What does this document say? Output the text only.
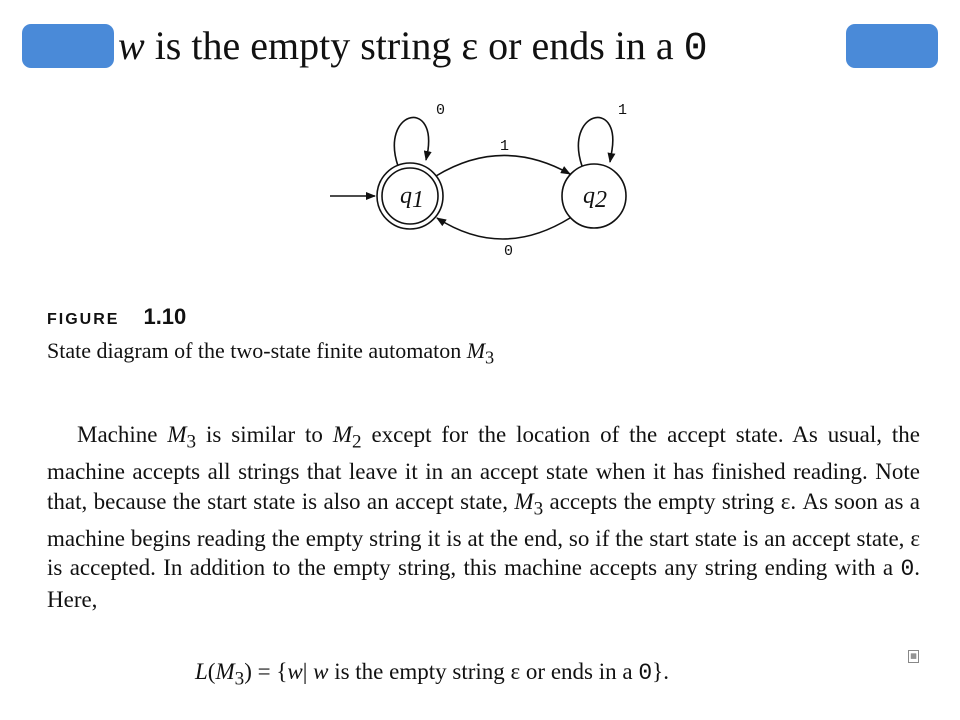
w is the empty string ε or ends in a 0
0	1
1
0
q1	q2
FIGURE 1.10
State diagram of the two-state finite automaton $M_3$
Machine $M_3$ is similar to $M_2$ except for the location of the accept state. As usual, the machine accepts all strings that leave it in an accept state when it has finished reading. Note that, because the start state is also an accept state, $M_3$ accepts the empty string ε. As soon as a machine begins reading the empty string it is at the end, so if the start state is an accept state, ε is accepted. In addition to the empty string, this machine accepts any string ending with a 0. Here,
$L(M_3) = \{w|$ w is the empty string ε or ends in a 0}.
▦
